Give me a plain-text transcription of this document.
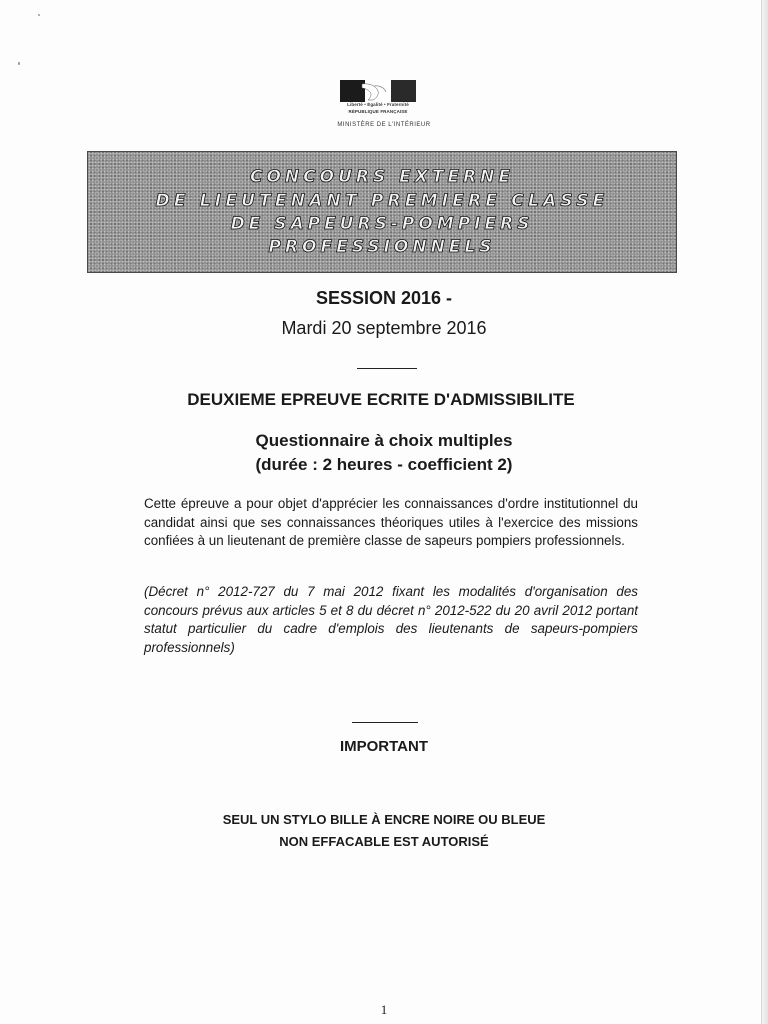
Liberté • Égalité • Fraternité
RÉPUBLIQUE FRANÇAISE
MINISTÈRE DE L'INTÉRIEUR
CONCOURS EXTERNE
DE LIEUTENANT PREMIERE CLASSE
DE SAPEURS-POMPIERS
PROFESSIONNELS
SESSION 2016 -
Mardi 20 septembre 2016
DEUXIEME EPREUVE ECRITE D'ADMISSIBILITE
Questionnaire à choix multiples
(durée : 2 heures - coefficient 2)
Cette épreuve a pour objet d'apprécier les connaissances d'ordre institutionnel du candidat ainsi que ses connaissances théoriques utiles à l'exercice des missions confiées à un lieutenant de première classe de sapeurs pompiers professionnels.
(Décret n° 2012-727 du 7 mai 2012 fixant les modalités d'organisation des concours prévus aux articles 5 et 8 du décret n° 2012-522 du 20 avril 2012 portant statut particulier du cadre d'emplois des lieutenants de sapeurs-pompiers professionnels)
IMPORTANT
SEUL UN STYLO BILLE À ENCRE NOIRE OU BLEUE
NON EFFACABLE EST AUTORISÉ
1
